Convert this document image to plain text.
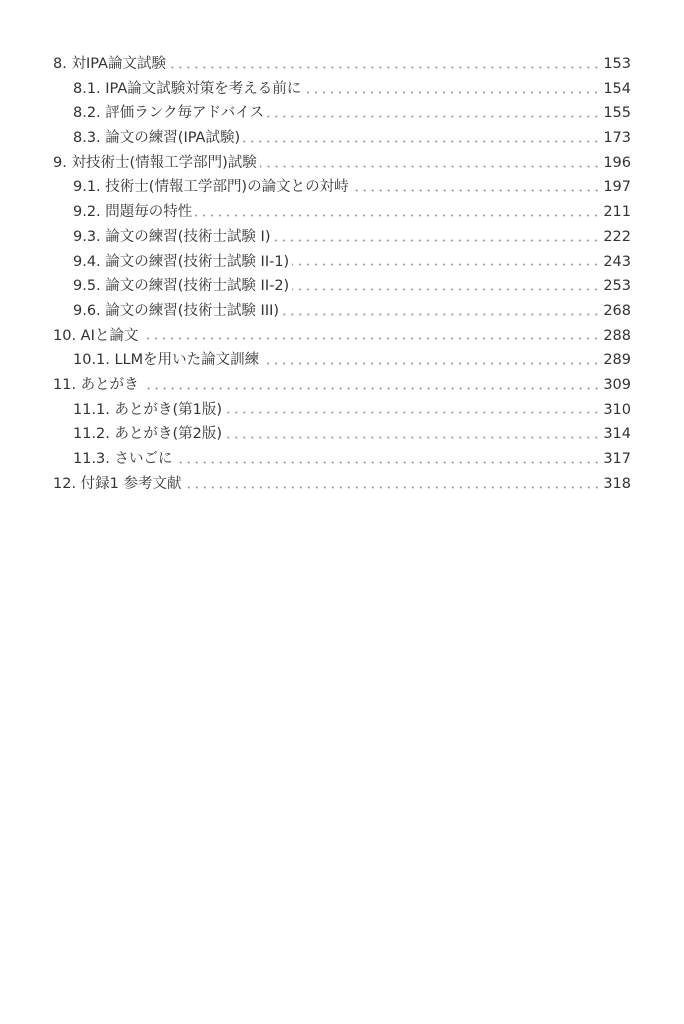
8. 対IPA論文試験	153
8.1. IPA論文試験対策を考える前に	154
8.2. 評価ランク毎アドバイス	155
8.3. 論文の練習(IPA試験)	173
9. 対技術士(情報工学部門)試験	196
9.1. 技術士(情報工学部門)の論文との対峙	197
9.2. 問題毎の特性	211
9.3. 論文の練習(技術士試験 I)	222
9.4. 論文の練習(技術士試験 II-1)	243
9.5. 論文の練習(技術士試験 II-2)	253
9.6. 論文の練習(技術士試験 III)	268
10. AIと論文	288
10.1. LLMを用いた論文訓練	289
11. あとがき	309
11.1. あとがき(第1版)	310
11.2. あとがき(第2版)	314
11.3. さいごに	317
12. 付録1 参考文献	318
